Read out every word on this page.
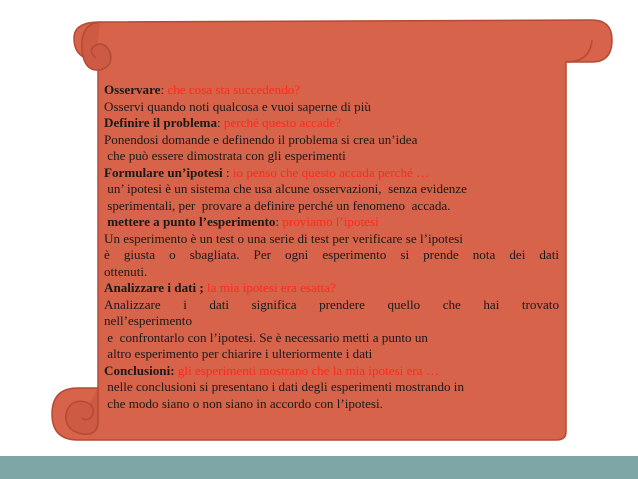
Osservare: che cosa sta succedendo?
Osservi quando noti qualcosa e vuoi saperne di più
Definire il problema: perché questo accade?
Ponendosi domande e definendo il problema si crea un’idea
che può essere dimostrata con gli esperimenti
Formulare un’ipotesi : io penso che questo accada perché …
un’ ipotesi è un sistema che usa alcune osservazioni,  senza evidenze
sperimentali, per  provare a definire perché un fenomeno  accada.
mettere a punto l’esperimento: proviamo l’ipotesi
Un esperimento è un test o una serie di test per verificare se l’ipotesi
è giusta o sbagliata. Per ogni esperimento si prende nota dei dati
ottenuti.
Analizzare i dati ; la mia ipotesi era esatta?
Analizzare i dati significa prendere quello che hai trovato
nell’esperimento
e  confrontarlo con l’ipotesi. Se è necessario metti a punto un
altro esperimento per chiarire i ulteriormente i dati
Conclusioni: gli esperimenti mostrano che la mia ipotesi era …
nelle conclusioni si presentano i dati degli esperimenti mostrando in
che modo siano o non siano in accordo con l’ipotesi.
